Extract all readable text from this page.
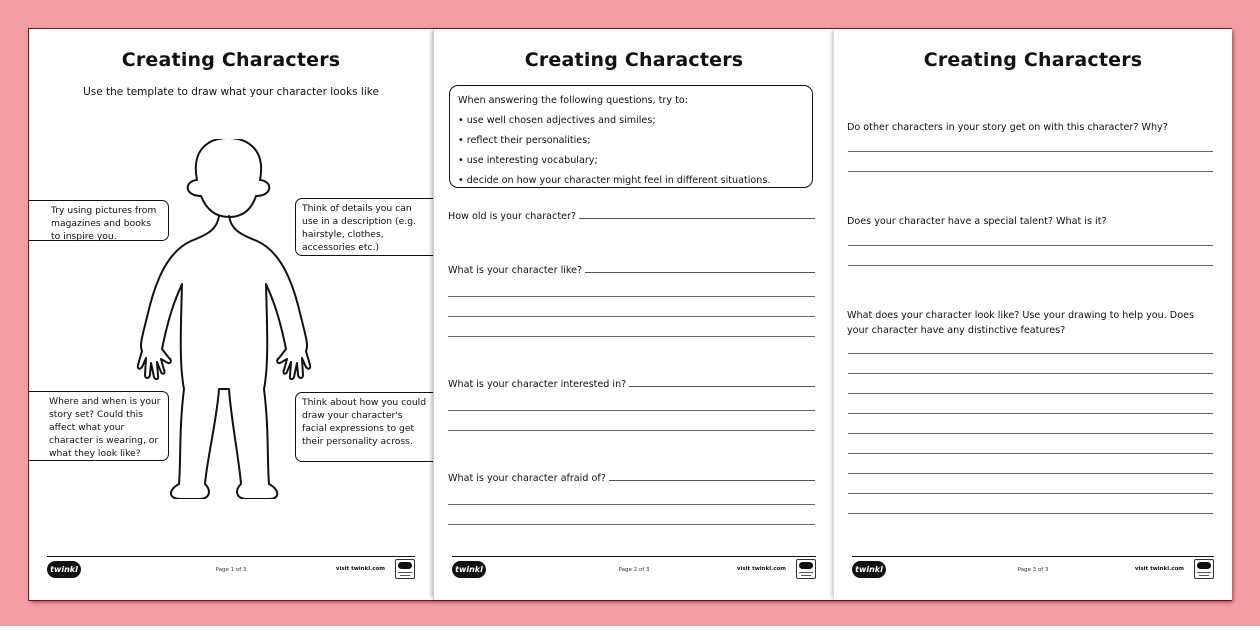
Creating Characters
Use the template to draw what your character looks like
Try using pictures from magazines and books to inspire you.
Think of details you can use in a description (e.g. hairstyle, clothes, accessories etc.)
Where and when is your story set? Could this affect what your character is wearing, or what they look like?
Think about how you could draw your character's facial expressions to get their personality across.
twinkl	Page 1 of 3	visit twinkl.com
Creating Characters
When answering the following questions, try to:
• use well chosen adjectives and similes;
• reflect their personalities;
• use interesting vocabulary;
• decide on how your character might feel in different situations.
How old is your character?
What is your character like?
What is your character interested in?
What is your character afraid of?
twinkl	Page 2 of 3	visit twinkl.com
Creating Characters
Do other characters in your story get on with this character? Why?
Does your character have a special talent? What is it?
What does your character look like? Use your drawing to help you. Does your character have any distinctive features?
twinkl	Page 3 of 3	visit twinkl.com
